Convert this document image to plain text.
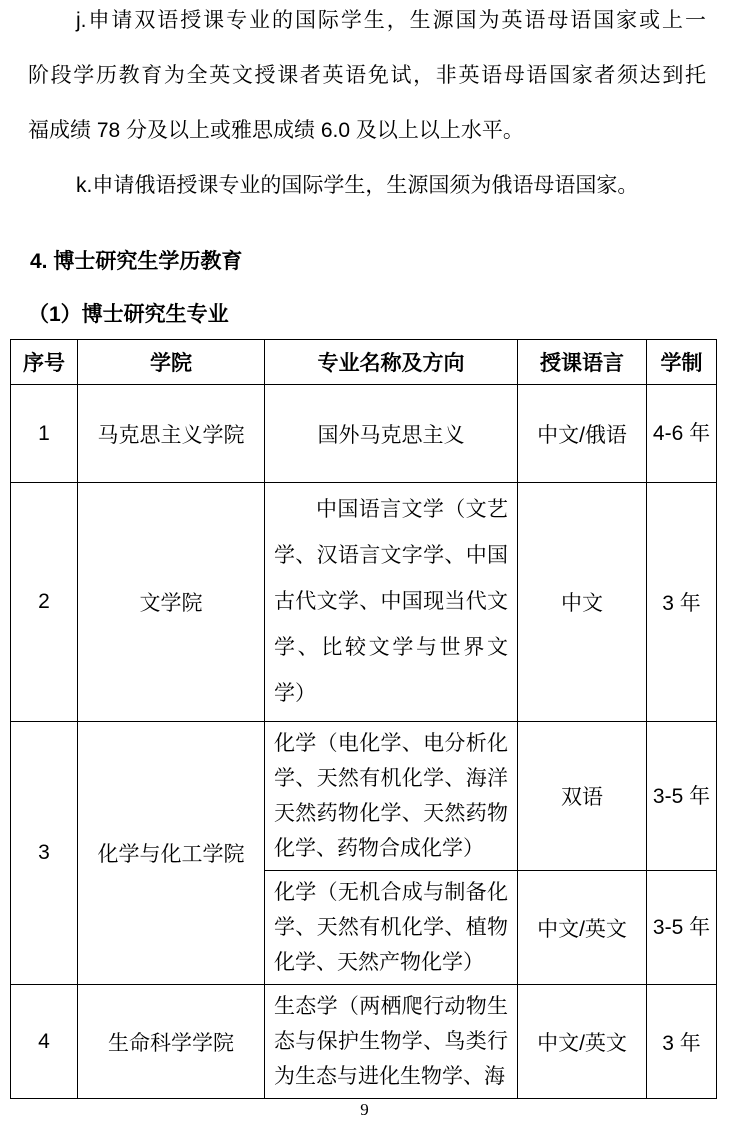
j.申请双语授课专业的国际学生，生源国为英语母语国家或上一
阶段学历教育为全英文授课者英语免试，非英语母语国家者须达到托
福成绩 78 分及以上或雅思成绩 6.0 及以上以上水平。
k.申请俄语授课专业的国际学生，生源国须为俄语母语国家。
4. 博士研究生学历教育
（1）博士研究生专业
序号	学院	专业名称及方向	授课语言	学制
1	马克思主义学院	国外马克思主义	中文/俄语	4-6 年
2	文学院	中国语言文学（文艺学、汉语言文字学、中国古代文学、中国现当代文学、比较文学与世界文学）	中文	3 年
3	化学与化工学院	化学（电化学、电分析化学、天然有机化学、海洋天然药物化学、天然药物化学、药物合成化学）	双语	3-5 年
		化学（无机合成与制备化学、天然有机化学、植物化学、天然产物化学）	中文/英文	3-5 年
4	生命科学学院	生态学（两栖爬行动物生态与保护生物学、鸟类行为生态与进化生物学、海	中文/英文	3 年
9
